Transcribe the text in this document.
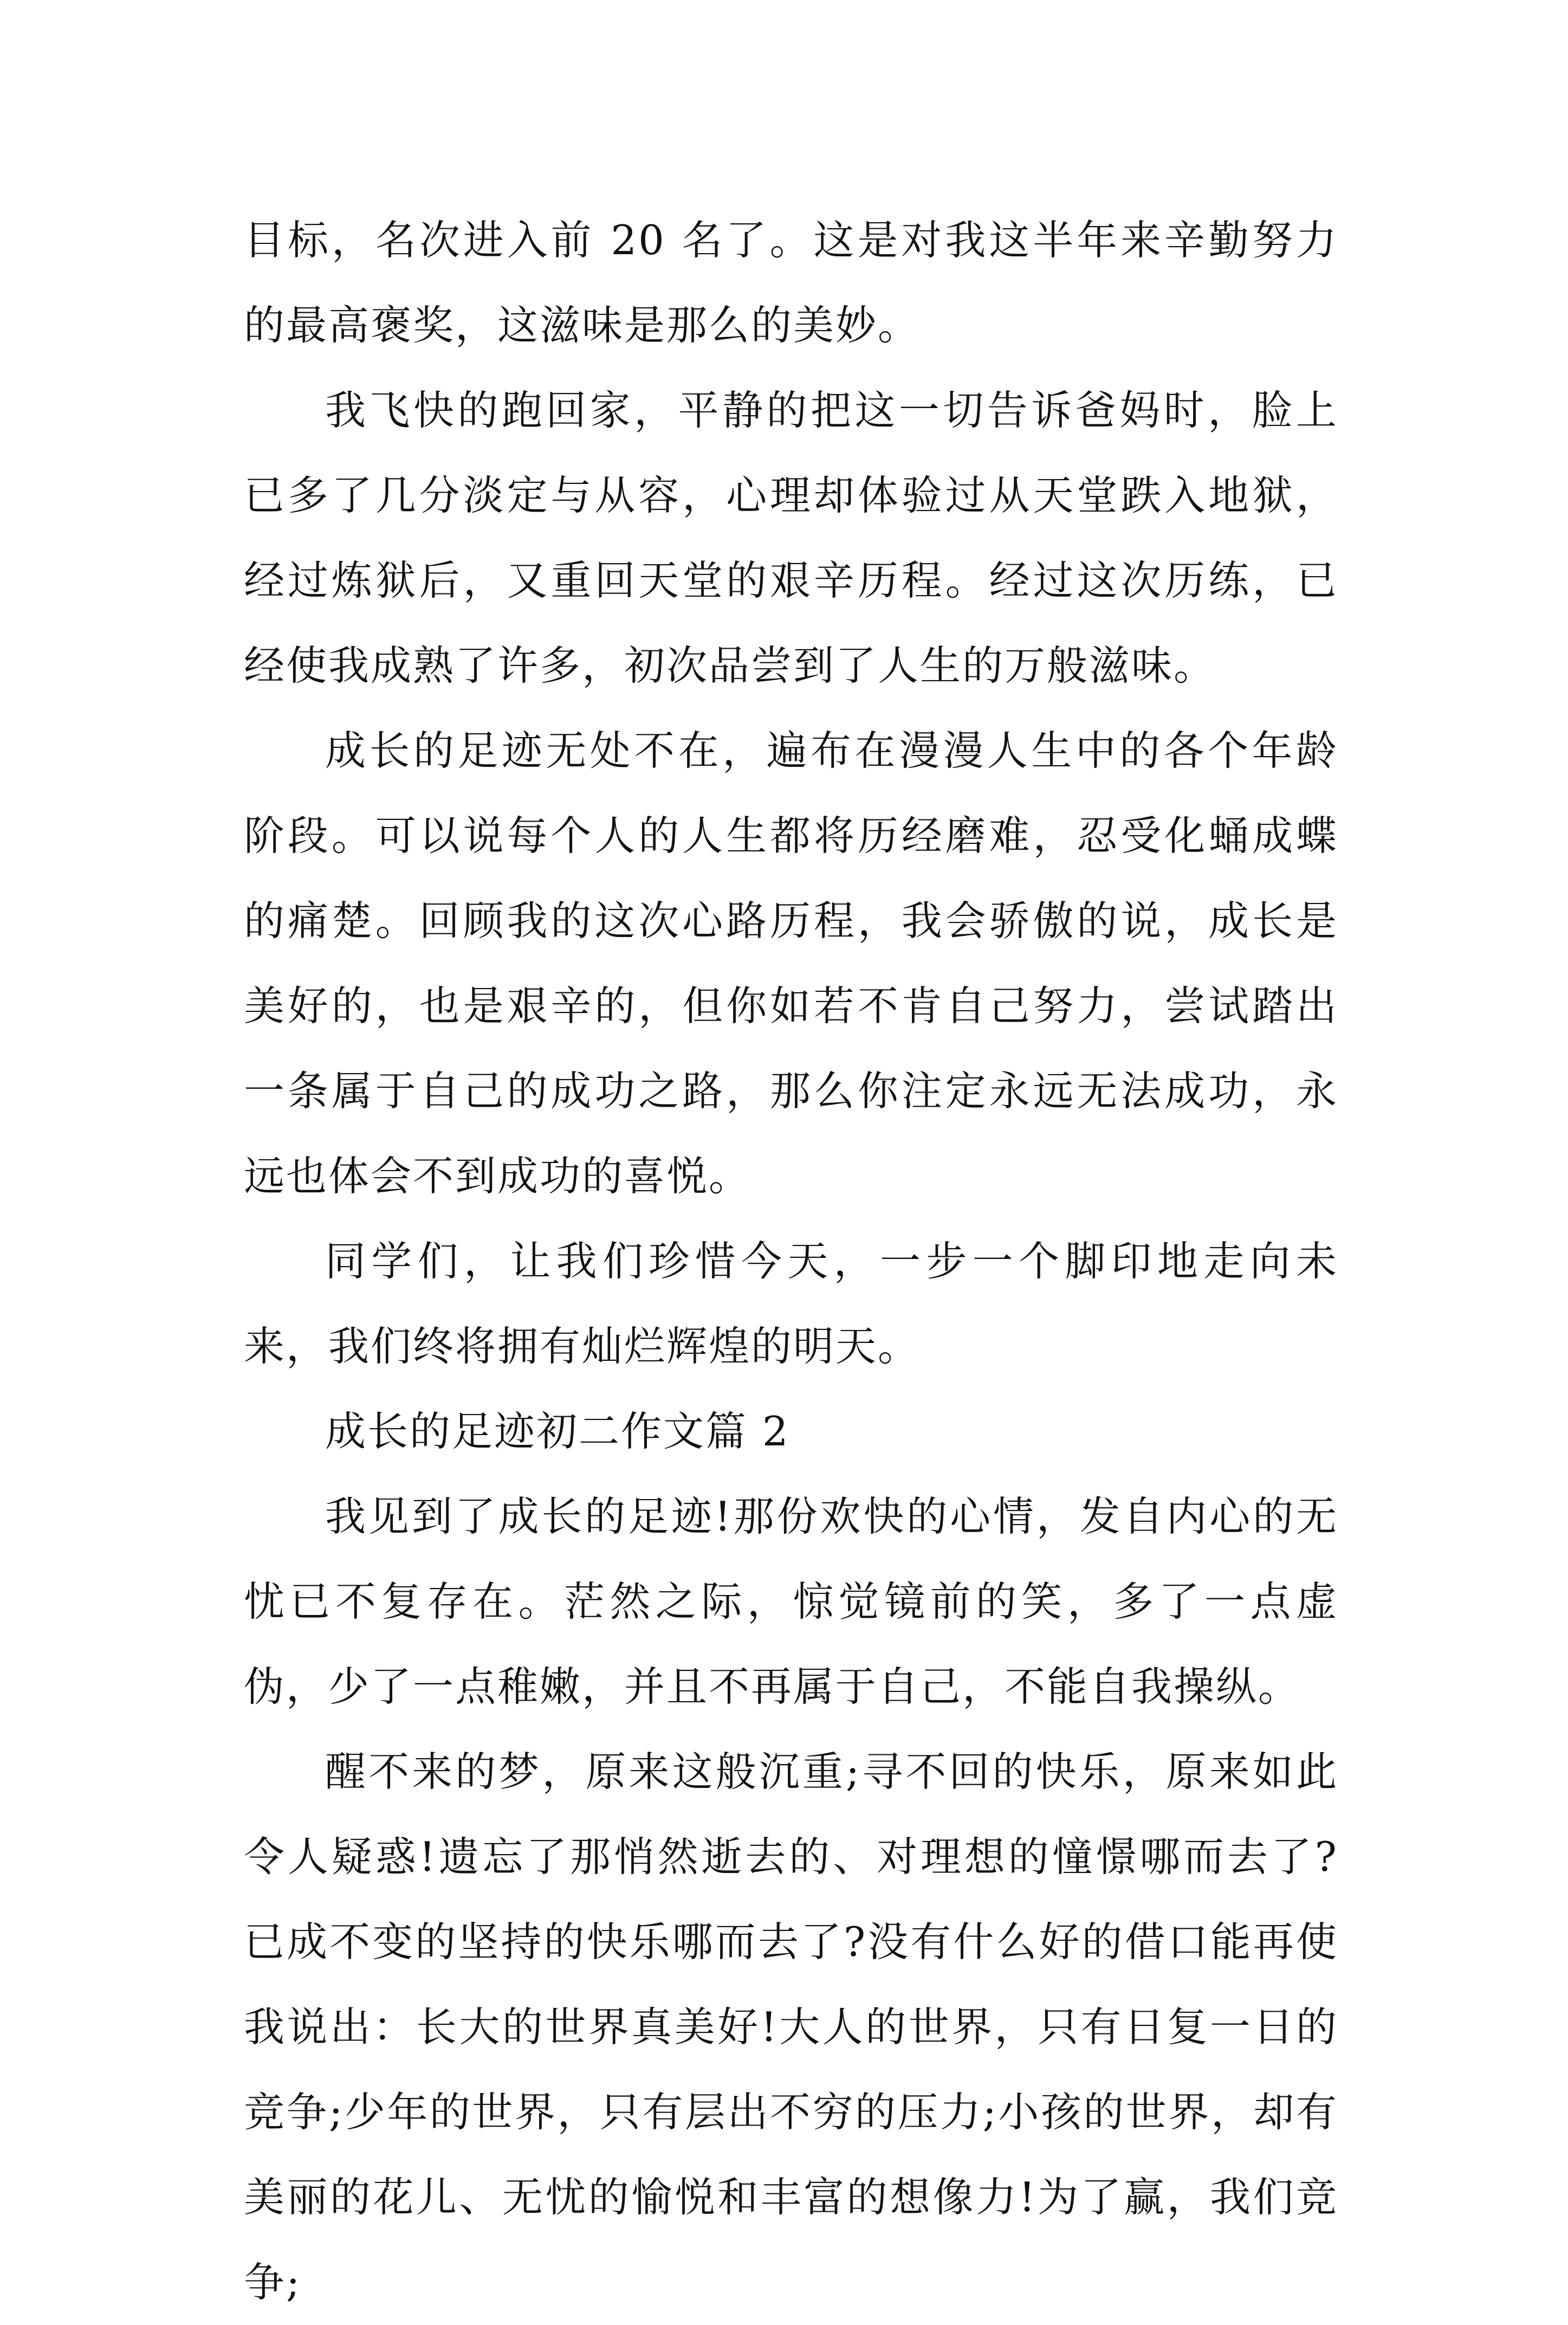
目标，名次进入前 20 名了。这是对我这半年来辛勤努力的最高褒奖，这滋味是那么的美妙。

我飞快的跑回家，平静的把这一切告诉爸妈时，脸上已多了几分淡定与从容，心理却体验过从天堂跌入地狱，经过炼狱后，又重回天堂的艰辛历程。经过这次历练，已经使我成熟了许多，初次品尝到了人生的万般滋味。

成长的足迹无处不在，遍布在漫漫人生中的各个年龄阶段。可以说每个人的人生都将历经磨难，忍受化蛹成蝶的痛楚。回顾我的这次心路历程，我会骄傲的说，成长是美好的，也是艰辛的，但你如若不肯自己努力，尝试踏出一条属于自己的成功之路，那么你注定永远无法成功，永远也体会不到成功的喜悦。

同学们，让我们珍惜今天，一步一个脚印地走向未来，我们终将拥有灿烂辉煌的明天。

成长的足迹初二作文篇 2

我见到了成长的足迹!那份欢快的心情，发自内心的无忧已不复存在。茫然之际，惊觉镜前的笑，多了一点虚伪，少了一点稚嫩，并且不再属于自己，不能自我操纵。

醒不来的梦，原来这般沉重;寻不回的快乐，原来如此令人疑惑!遗忘了那悄然逝去的、对理想的憧憬哪而去了?已成不变的坚持的快乐哪而去了?没有什么好的借口能再使我说出：长大的世界真美好!大人的世界，只有日复一日的竞争;少年的世界，只有层出不穷的压力;小孩的世界，却有美丽的花儿、无忧的愉悦和丰富的想像力!为了赢，我们竞争;
